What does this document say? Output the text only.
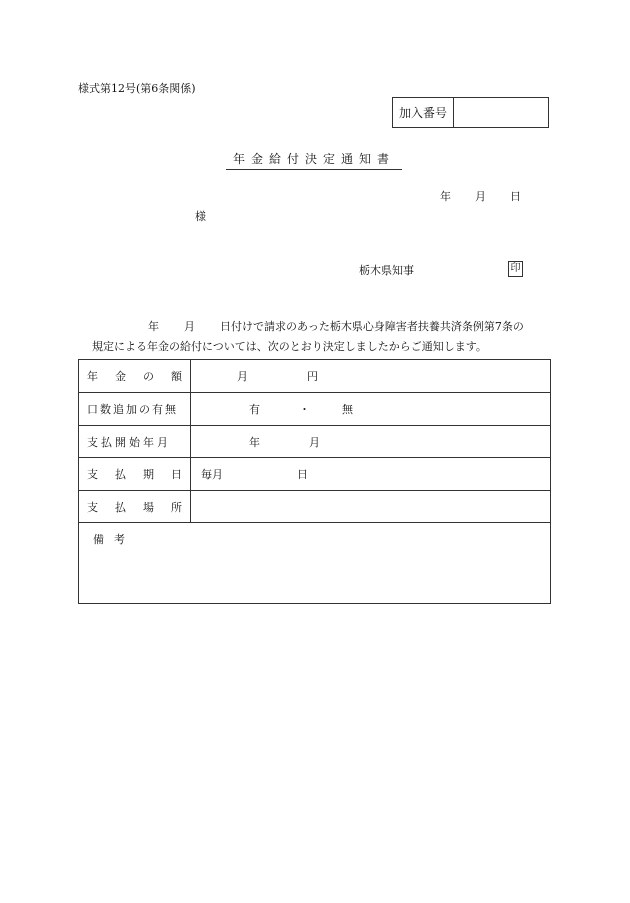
様式第12号(第6条関係)
加入番号
年金給付決定通知書
年 月 日
様
栃木県知事	印
年 月 日付けで請求のあった栃木県心身障害者扶養共済条例第7条の
規定による年金の給付については、次のとおり決定しましたからご通知します。
年 金 の 額	月	円
口数追加の有無	有	・	無
支払開始年月	年	月
支 払 期 日 毎月	日
支 払 場 所
備考
